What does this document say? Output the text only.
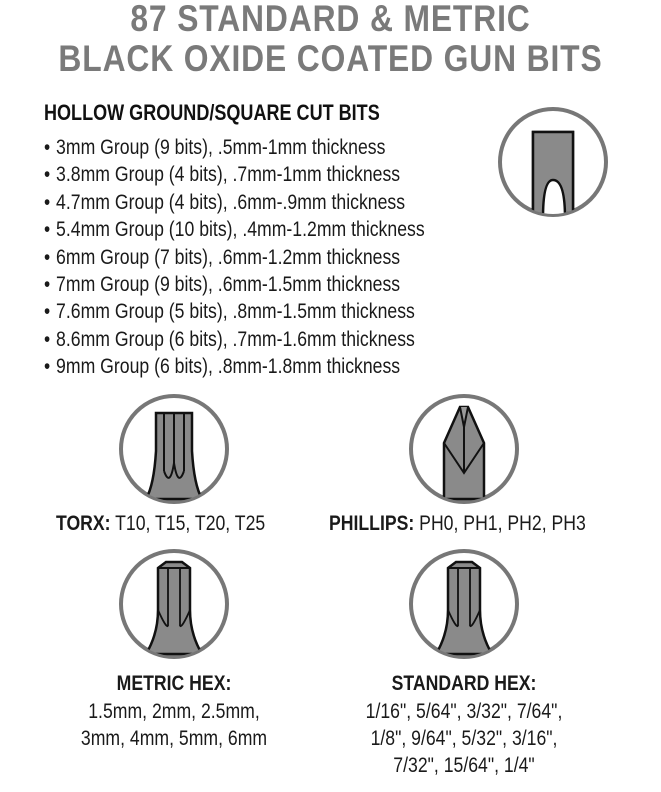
87 STANDARD & METRIC
BLACK OXIDE COATED GUN BITS
HOLLOW GROUND/SQUARE CUT BITS
• 3mm Group (9 bits), .5mm-1mm thickness
• 3.8mm Group (4 bits), .7mm-1mm thickness
• 4.7mm Group (4 bits), .6mm-.9mm thickness
• 5.4mm Group (10 bits), .4mm-1.2mm thickness
• 6mm Group (7 bits), .6mm-1.2mm thickness
• 7mm Group (9 bits), .6mm-1.5mm thickness
• 7.6mm Group (5 bits), .8mm-1.5mm thickness
• 8.6mm Group (6 bits), .7mm-1.6mm thickness
• 9mm Group (6 bits), .8mm-1.8mm thickness
TORX: T10, T15, T20, T25	PHILLIPS: PH0, PH1, PH2, PH3
METRIC HEX:
1.5mm, 2mm, 2.5mm,
3mm, 4mm, 5mm, 6mm
STANDARD HEX:
1/16", 5/64", 3/32", 7/64",
1/8", 9/64", 5/32", 3/16",
7/32", 15/64", 1/4"
